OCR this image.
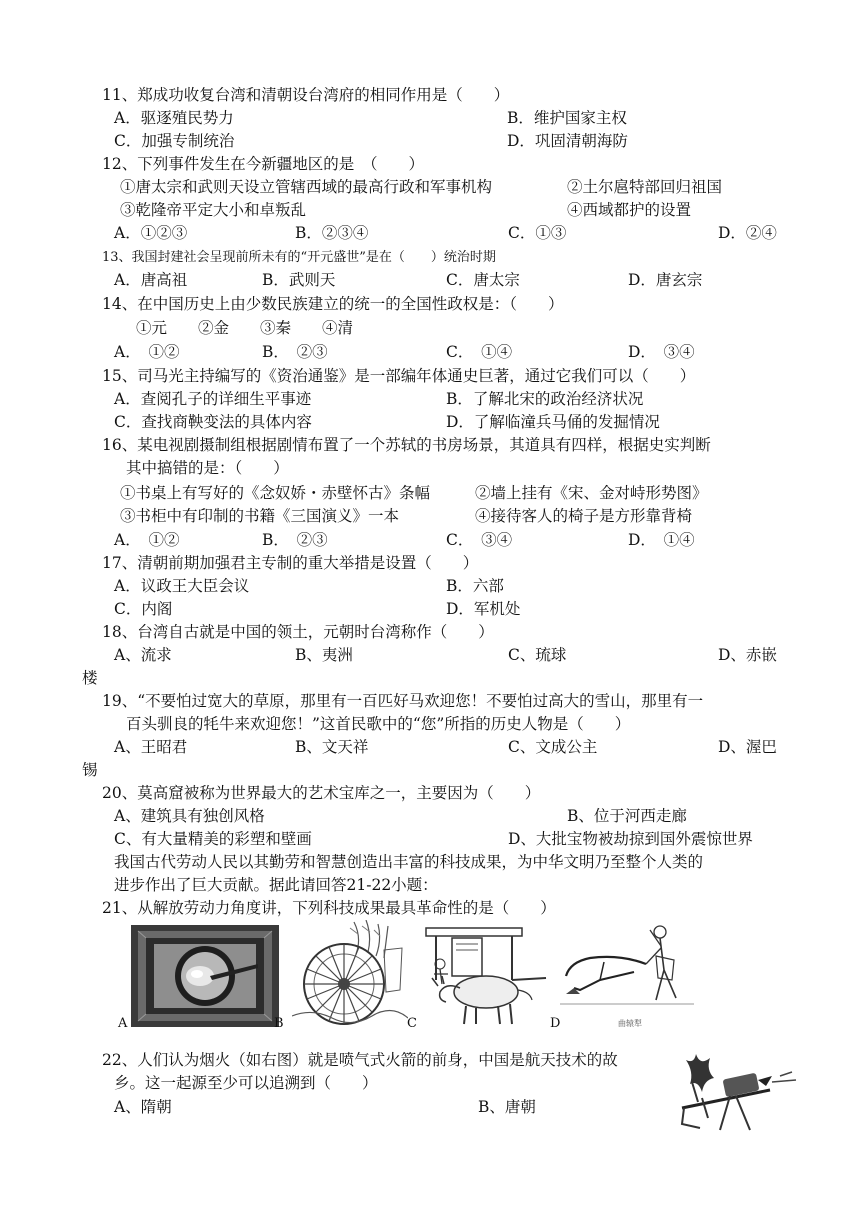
11、郑成功收复台湾和清朝设台湾府的相同作用是（　　）
A．驱逐殖民势力	B．维护国家主权
C．加强专制统治	D．巩固清朝海防
12、下列事件发生在今新疆地区的是　（　　）
①唐太宗和武则天设立管辖西域的最高行政和军事机构	②土尔扈特部回归祖国
③乾隆帝平定大小和卓叛乱	④西域都护的设置
A．①②③	B．②③④	C．①③	D．②④
13、我国封建社会呈现前所未有的“开元盛世”是在（　　）统治时期
A．唐高祖	B．武则天	C．唐太宗	D．唐玄宗
14、在中国历史上由少数民族建立的统一的全国性政权是：（　　）
①元　　②金　　③秦　　④清
A．　①②	B．　②③	C．　①④	D．　③④
15、司马光主持编写的《资治通鉴》是一部编年体通史巨著，通过它我们可以（　　）
A．查阅孔子的详细生平事迹	B．了解北宋的政治经济状况
C．查找商鞅变法的具体内容	D．了解临潼兵马俑的发掘情况
16、某电视剧摄制组根据剧情布置了一个苏轼的书房场景，其道具有四样，根据史实判断
其中搞错的是：（　　）
①书桌上有写好的《念奴娇・赤壁怀古》条幅	②墙上挂有《宋、金对峙形势图》
③书柜中有印制的书籍《三国演义》一本	④接待客人的椅子是方形靠背椅
A．　①②	B．　②③	C．　③④	D．　①④
17、清朝前期加强君主专制的重大举措是设置（　　）
A．议政王大臣会议	B．六部
C．内阁	D．军机处
18、台湾自古就是中国的领土，元朝时台湾称作（　　）
A、流求	B、夷洲	C、琉球	D、赤嵌
楼
19、“不要怕过宽大的草原，那里有一百匹好马欢迎您！不要怕过高大的雪山，那里有一
百头驯良的牦牛来欢迎您！”这首民歌中的“您”所指的历史人物是（　　）
A、王昭君	B、文天祥	C、文成公主	D、渥巴
锡
20、莫高窟被称为世界最大的艺术宝库之一，主要因为（　　）
A、建筑具有独创风格	B、位于河西走廊
C、有大量精美的彩塑和壁画	D、大批宝物被劫掠到国外震惊世界
我国古代劳动人民以其勤劳和智慧创造出丰富的科技成果，为中华文明乃至整个人类的
进步作出了巨大贡献。据此请回答21-22小题：
21、从解放劳动力角度讲，下列科技成果最具革命性的是（　　）
A	B	C	D	曲辕犁
22、人们认为烟火（如右图）就是喷气式火箭的前身，中国是航天技术的故
乡。这一起源至少可以追溯到（　　）
A、隋朝	B、唐朝
